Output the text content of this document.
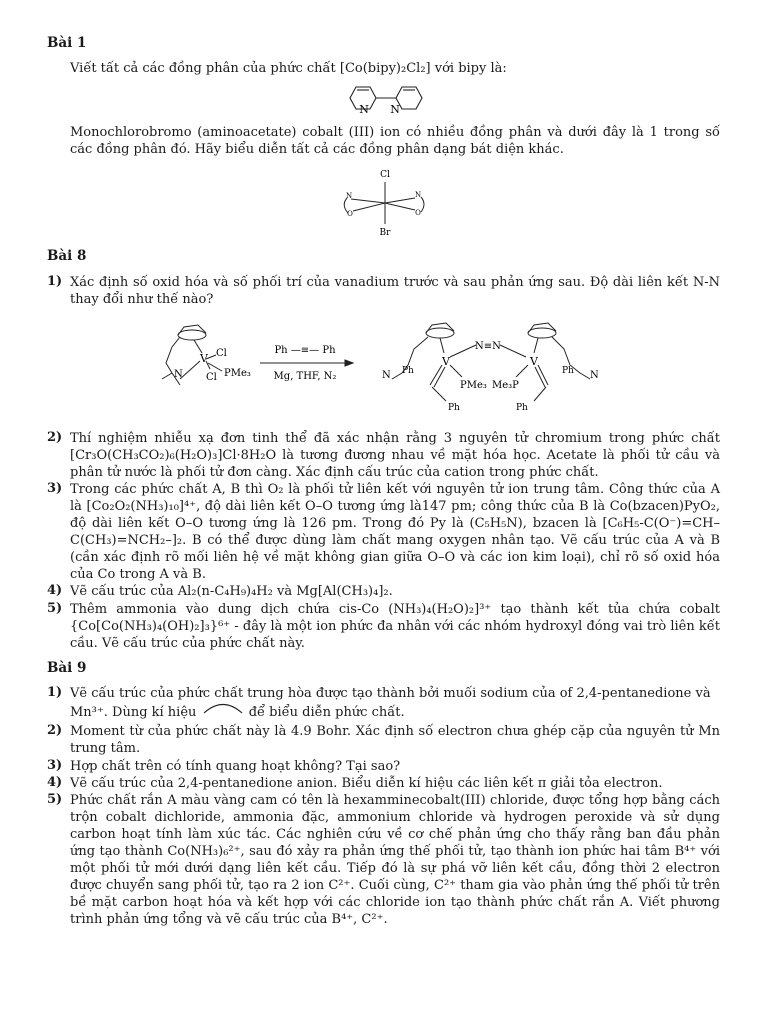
Bài 1
Viết tất cả các đồng phân của phức chất [Co(bipy)₂Cl₂] với bipy là:
N N
Monochlorobromo (aminoacetate) cobalt (III) ion có nhiều đồng phân và dưới đây là 1 trong số các đồng phân đó. Hãy biểu diễn tất cả các đồng phân dạng bát diện khác.
Cl
Br
N
O
N
O
Bài 8
1) Xác định số oxid hóa và số phối trí của vanadium trước và sau phản ứng sau. Độ dài liên kết N-N thay đổi như thế nào?
V Cl
Cl PMe₃
N
Ph —≡— Ph
Mg, THF, N₂
N≡N
V	V
N	N
Ph
Ph
Ph
Ph
PMe₃ Me₃P
2) Thí nghiệm nhiễu xạ đơn tinh thể đã xác nhận rằng 3 nguyên tử chromium trong phức chất [Cr₃O(CH₃CO₂)₆(H₂O)₃]Cl·8H₂O là tương đương nhau về mặt hóa học. Acetate là phối tử cầu và phân tử nước là phối tử đơn càng. Xác định cấu trúc của cation trong phức chất.
3) Trong các phức chất A, B thì O₂ là phối tử liên kết với nguyên tử ion trung tâm. Công thức của A là [Co₂O₂(NH₃)₁₀]⁴⁺, độ dài liên kết O–O tương ứng là147 pm; công thức của B là Co(bzacen)PyO₂, độ dài liên kết O–O tương ứng là 126 pm. Trong đó Py là (C₅H₅N), bzacen là [C₆H₅-C(O⁻)=CH–C(CH₃)=NCH₂–]₂. B có thể được dùng làm chất mang oxygen nhân tạo. Vẽ cấu trúc của A và B (cần xác định rõ mối liên hệ về mặt không gian giữa O–O và các ion kim loại), chỉ rõ số oxid hóa của Co trong A và B.
4) Vẽ cấu trúc của Al₂(n-C₄H₉)₄H₂ và Mg[Al(CH₃)₄]₂.
5) Thêm ammonia vào dung dịch chứa cis-Co (NH₃)₄(H₂O)₂]³⁺ tạo thành kết tủa chứa cobalt {Co[Co(NH₃)₄(OH)₂]₃}⁶⁺ - đây là một ion phức đa nhân với các nhóm hydroxyl đóng vai trò liên kết cầu. Vẽ cấu trúc của phức chất này.
Bài 9
1) Vẽ cấu trúc của phức chất trung hòa được tạo thành bởi muối sodium của of 2,4-pentanedione và
Mn³⁺. Dùng kí hiệu	để biểu diễn phức chất.
2) Moment từ của phức chất này là 4.9 Bohr. Xác định số electron chưa ghép cặp của nguyên tử Mn trung tâm.
3) Hợp chất trên có tính quang hoạt không? Tại sao?
4) Vẽ cấu trúc của 2,4-pentanedione anion. Biểu diễn kí hiệu các liên kết π giải tỏa electron.
5) Phức chất rắn A màu vàng cam có tên là hexamminecobalt(III) chloride, được tổng hợp bằng cách trộn cobalt dichloride, ammonia đặc, ammonium chloride và hydrogen peroxide và sử dụng carbon hoạt tính làm xúc tác. Các nghiên cứu về cơ chế phản ứng cho thấy rằng ban đầu phản ứng tạo thành Co(NH₃)₆²⁺, sau đó xảy ra phản ứng thế phối tử, tạo thành ion phức hai tâm B⁴⁺ với một phối tử mới dưới dạng liên kết cầu. Tiếp đó là sự phá vỡ liên kết cầu, đồng thời 2 electron được chuyển sang phối tử, tạo ra 2 ion C²⁺. Cuối cùng, C²⁺ tham gia vào phản ứng thế phối tử trên bề mặt carbon hoạt hóa và kết hợp với các chloride ion tạo thành phức chất rắn A. Viết phương trình phản ứng tổng và vẽ cấu trúc của B⁴⁺, C²⁺.
